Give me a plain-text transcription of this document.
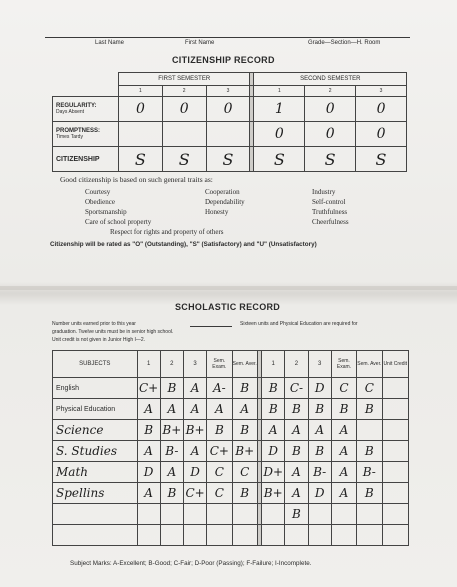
Last Name	First Name	Grade—Section—H. Room
CITIZENSHIP RECORD
	FIRST SEMESTER				SECOND SEMESTER		
	1	2	3		1	2	3

REGULARITY:
Days Absent	0	0	0		1	0	0

PROMPTNESS:
Times Tardy					0	0	0

CITIZENSHIP	S	S	S		S	S	S
Good citizenship is based on such general traits as:
Courtesy
Obedience
Sportsmanship
Care of school property
Cooperation
Dependability
Honesty
Industry
Self-control
Truthfulness
Cheerfulness
Respect for rights and property of others
Citizenship will be rated as "O" (Outstanding), "S" (Satisfactory) and "U" (Unsatisfactory)
SCHOLASTIC RECORD
Number units earned prior to this year	Sixteen units and Physical Education are required for
graduation. Twelve units must be in senior high school.
Unit credit is not given in Junior High I—2.
SUBJECTS	1	2	3	Sem. Exam.	Sem. Aver.		1	2	3	Sem. Exam.	Sem. Aver.	Unit Credit
English	C+	B	A	A-	B		B	C-	D	C	C	
Physical Education	A	A	A	A	A		B	B	B	B	B	
Science	B	B+	B+	B	B		A	A	A	A		
S. Studies	A	B-	A	C+	B+		D	B	B	A	B	
Math	D	A	D	C	C		D+	A	B-	A	B-	
Spellins	A	B	C+	C	B		B+	A	D	A	B	
								B				

Subject Marks: A-Excellent; B-Good; C-Fair; D-Poor (Passing); F-Failure; I-Incomplete.
